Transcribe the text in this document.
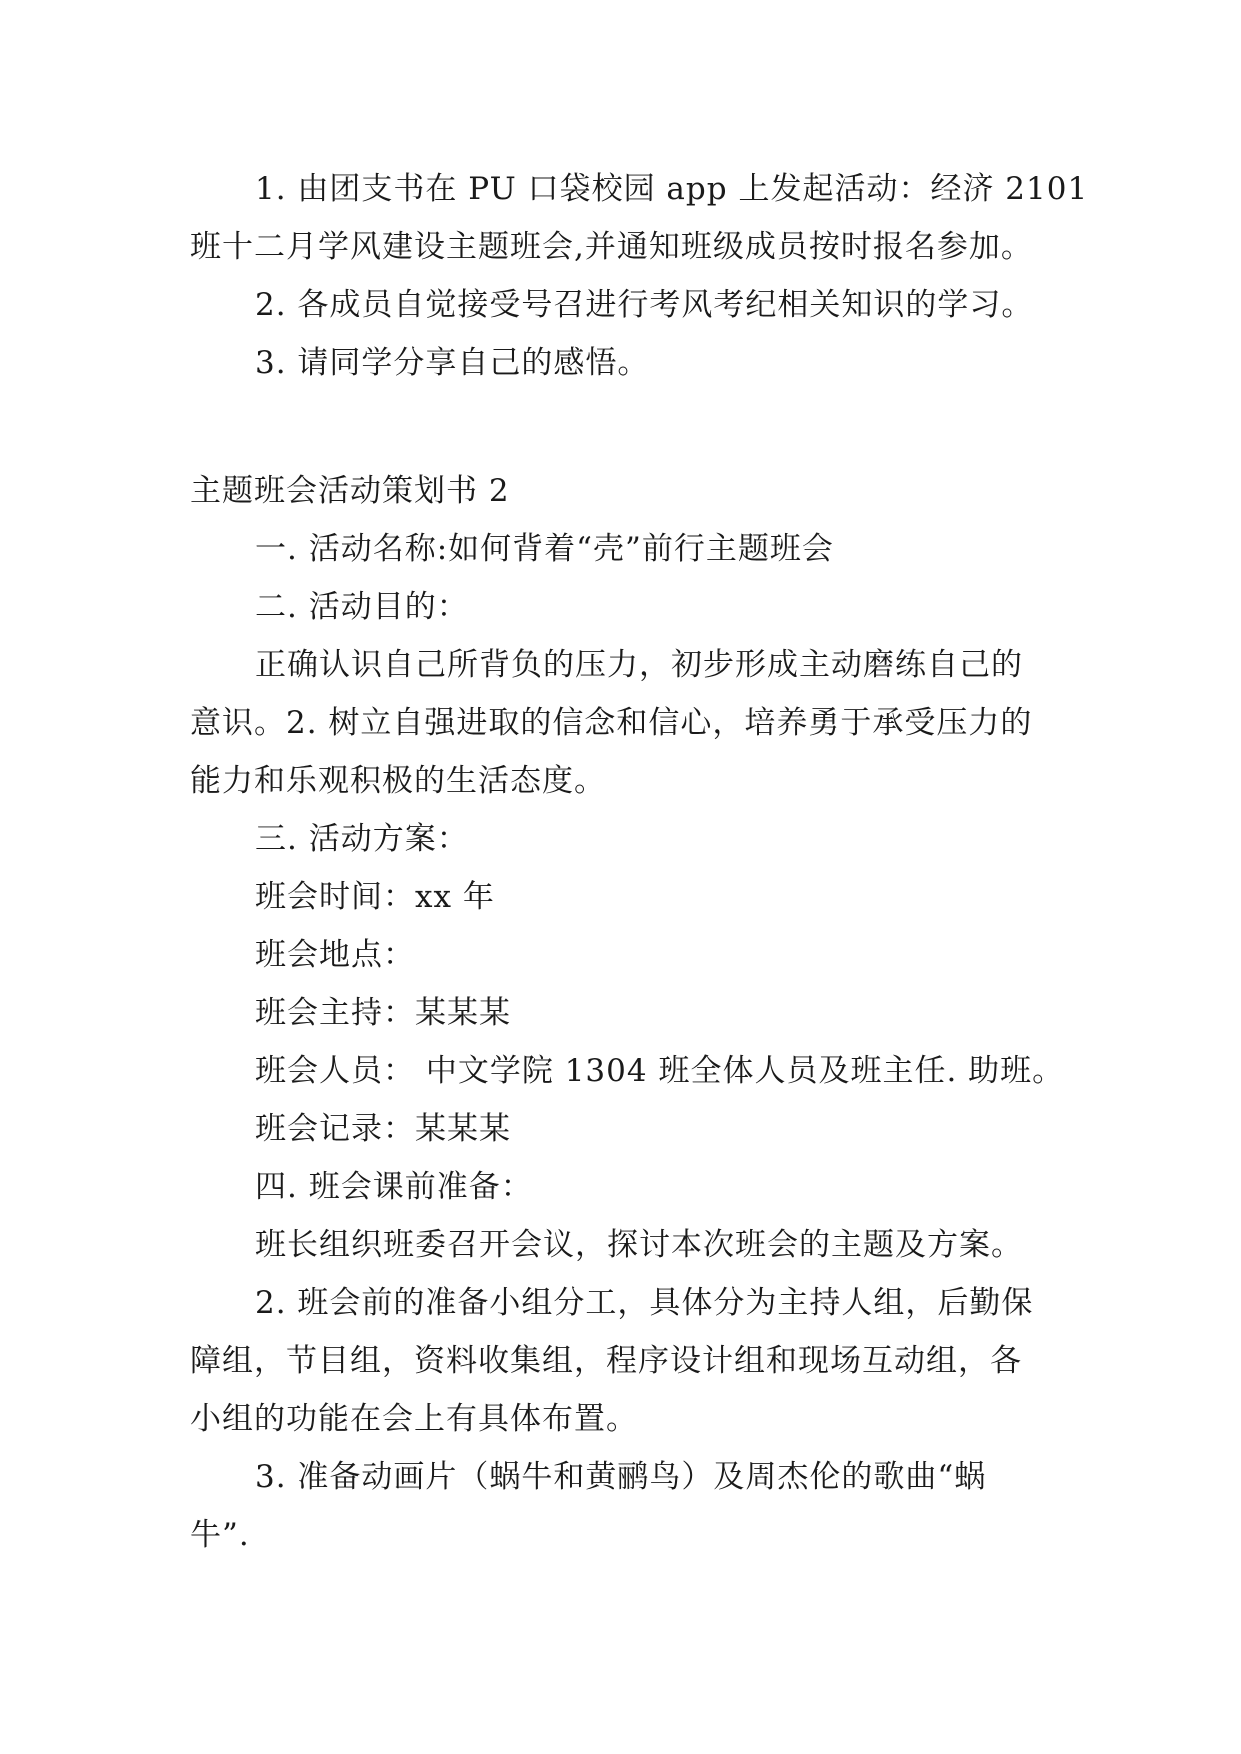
1. 由团支书在 PU 口袋校园 app 上发起活动：经济 2101
班十二月学风建设主题班会,并通知班级成员按时报名参加。
2. 各成员自觉接受号召进行考风考纪相关知识的学习。
3. 请同学分享自己的感悟。
主题班会活动策划书 2
一. 活动名称:如何背着“壳”前行主题班会
二. 活动目的：
正确认识自己所背负的压力，初步形成主动磨练自己的
意识。2. 树立自强进取的信念和信心，培养勇于承受压力的
能力和乐观积极的生活态度。
三. 活动方案：
班会时间：xx 年
班会地点：
班会主持：某某某
班会人员： 中文学院 1304 班全体人员及班主任. 助班。
班会记录：某某某
四. 班会课前准备：
班长组织班委召开会议，探讨本次班会的主题及方案。
2. 班会前的准备小组分工，具体分为主持人组，后勤保
障组，节目组，资料收集组，程序设计组和现场互动组，各
小组的功能在会上有具体布置。
3. 准备动画片（蜗牛和黄鹂鸟）及周杰伦的歌曲“蜗
牛”.
